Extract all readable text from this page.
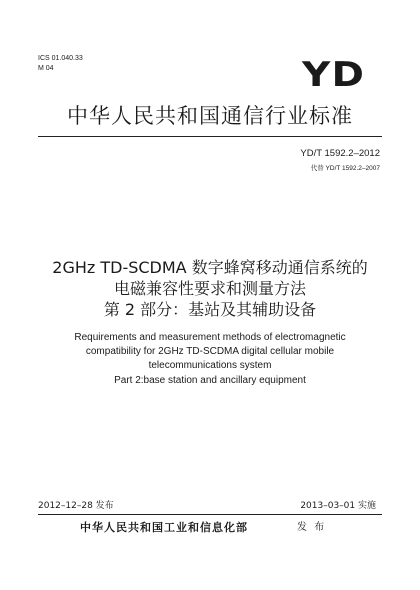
ICS 01.040.33
M 04	YD
中华人民共和国通信行业标准
YD/T 1592.2–2012
代替 YD/T 1592.2–2007
2GHz TD-SCDMA 数字蜂窝移动通信系统的
电磁兼容性要求和测量方法
第 2 部分：基站及其辅助设备
Requirements and measurement methods of electromagnetic
compatibility for 2GHz TD-SCDMA digital cellular mobile
telecommunications system
Part 2:base station and ancillary equipment
2012–12–28 发布	2013–03–01 实施
中华人民共和国工业和信息化部	发 布
